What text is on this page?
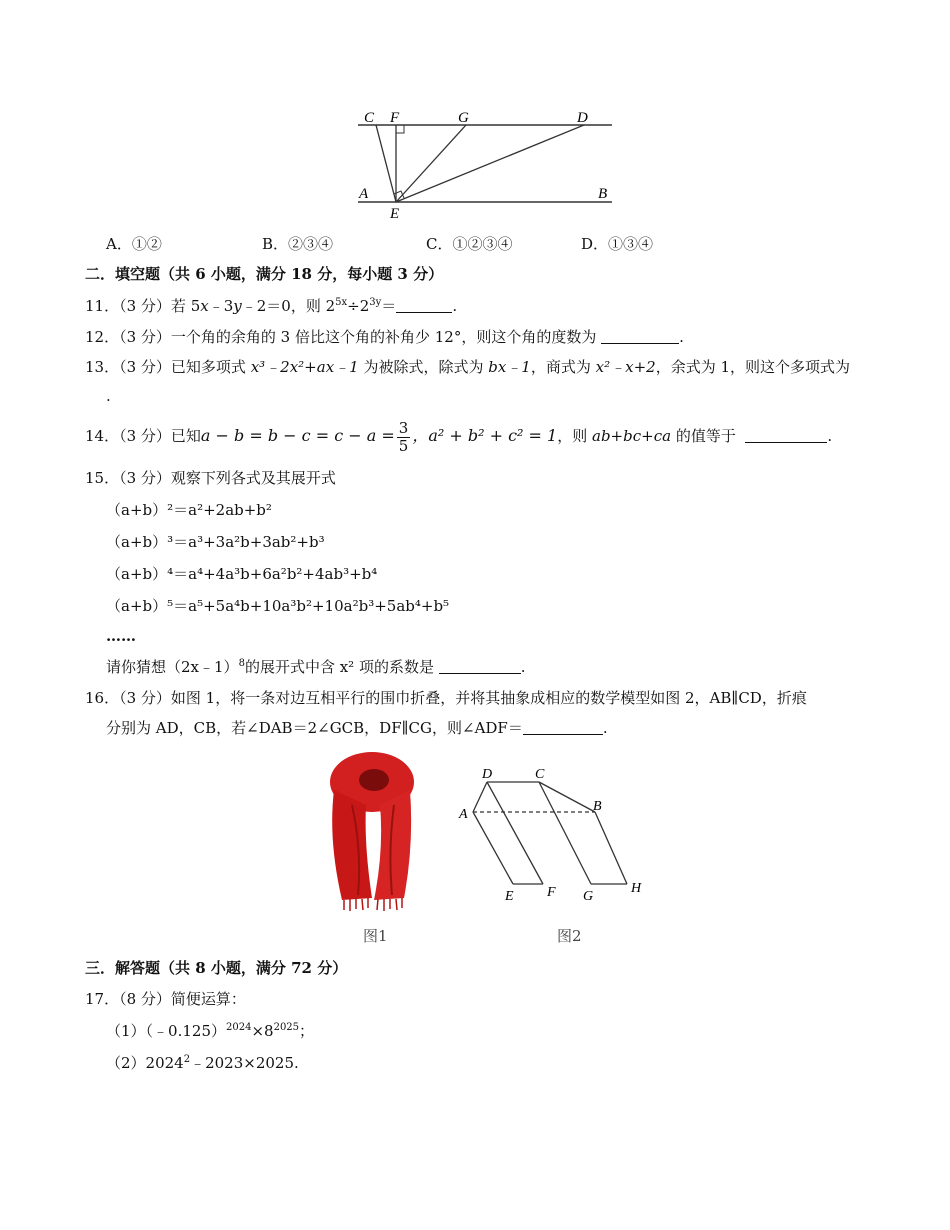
C F	G	D
A	B
E
A．①②	B．②③④	C．①②③④	D．①③④
二．填空题（共 6 小题，满分 18 分，每小题 3 分）
11．（3 分）若 5x﹣3y﹣2＝0，则 $2^{5x}\div 2^{3y}=$	.
12．（3 分）一个角的余角的 3 倍比这个角的补角少 12°，则这个角的度数为	.
13．（3 分）已知多项式 x³﹣2x²+ax﹣1 为被除式，除式为 bx﹣1，商式为 x²﹣x+2，余式为 1，则这个多项式为
.
14．（3 分）已知$a - b = b - c = c - a = \frac{3}{5}$ ，a² + b² + c² = 1，则 ab+bc+ca 的值等于	.
15．（3 分）观察下列各式及其展开式
（a+b）²＝a²+2ab+b²
（a+b）³＝a³+3a²b+3ab²+b³
（a+b）⁴＝a⁴+4a³b+6a²b²+4ab³+b⁴
（a+b）⁵＝a⁵+5a⁴b+10a³b²+10a²b³+5ab⁴+b⁵
……
请你猜想（2x﹣1）$^8$的展开式中含 x² 项的系数是	.
16．（3 分）如图 1，将一条对边互相平行的围巾折叠，并将其抽象成相应的数学模型如图 2，AB∥CD，折痕
分别为 AD，CB，若∠DAB＝2∠GCB，DF∥CG，则∠ADF＝	.
D	C
A
B
E F G
H
图1	图2
三．解答题（共 8 小题，满分 72 分）
17．（8 分）简便运算：
$(1)(﹣0.125)^{2024}\times 8^{2025}$；
$(2)2024^2﹣2023\times 2025$.
